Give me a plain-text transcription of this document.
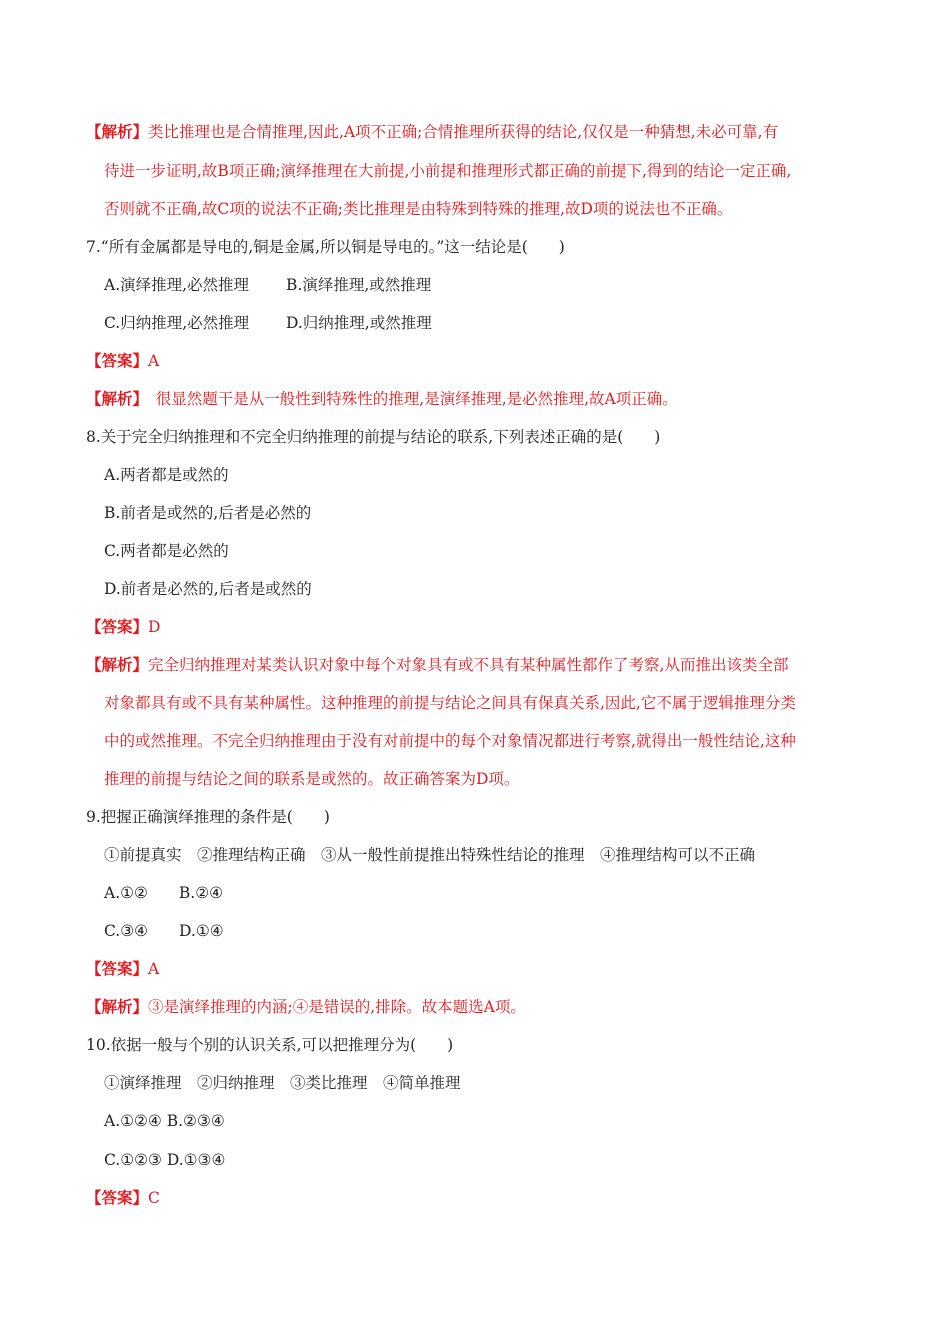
【解析】类比推理也是合情推理,因此,A项不正确;合情推理所获得的结论,仅仅是一种猜想,未必可靠,有
待进一步证明,故B项正确;演绎推理在大前提,小前提和推理形式都正确的前提下,得到的结论一定正确,
否则就不正确,故C项的说法不正确;类比推理是由特殊到特殊的推理,故D项的说法也不正确。
7.“所有金属都是导电的,铜是金属,所以铜是导电的。”这一结论是(　　)
A.演绎推理,必然推理 B.演绎推理,或然推理
C.归纳推理,必然推理 D.归纳推理,或然推理
【答案】A
【解析】　很显然题干是从一般性到特殊性的推理,是演绎推理,是必然推理,故A项正确。
8.关于完全归纳推理和不完全归纳推理的前提与结论的联系,下列表述正确的是(　　)
A.两者都是或然的
B.前者是或然的,后者是必然的
C.两者都是必然的
D.前者是必然的,后者是或然的
【答案】D
【解析】完全归纳推理对某类认识对象中每个对象具有或不具有某种属性都作了考察,从而推出该类全部
对象都具有或不具有某种属性。这种推理的前提与结论之间具有保真关系,因此,它不属于逻辑推理分类
中的或然推理。不完全归纳推理由于没有对前提中的每个对象情况都进行考察,就得出一般性结论,这种
推理的前提与结论之间的联系是或然的。故正确答案为D项。
9.把握正确演绎推理的条件是(　　)
①前提真实　②推理结构正确　③从一般性前提推出特殊性结论的推理　④推理结构可以不正确
A.①②　　B.②④
C.③④　　D.①④
【答案】A
【解析】③是演绎推理的内涵;④是错误的,排除。故本题选A项。
10.依据一般与个别的认识关系,可以把推理分为(　　)
①演绎推理　②归纳推理　③类比推理　④简单推理
A.①②④ B.②③④
C.①②③ D.①③④
【答案】C
